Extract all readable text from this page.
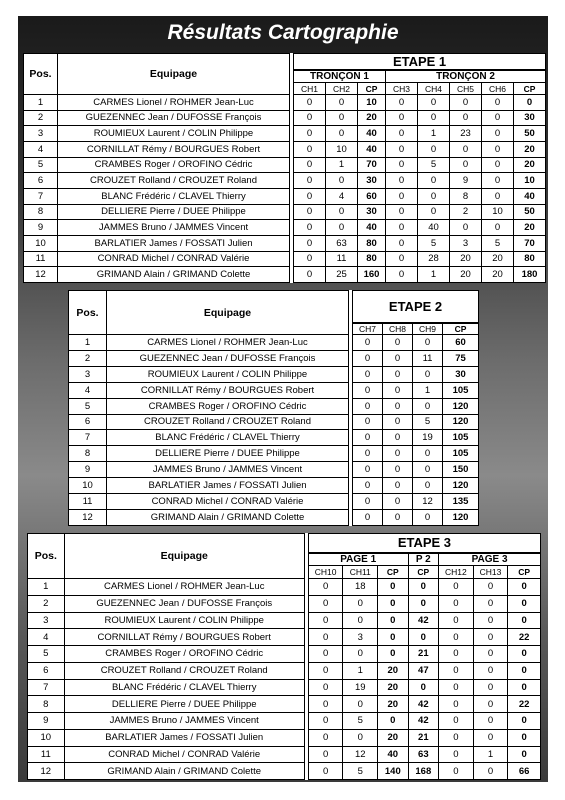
Résultats Cartographie
Pos.	Equipage		ETAPE 1							
			TRONÇON 1			TRONÇON 2				
			CH1	CH2	CP	CH3	CH4	CH5	CH6	CP
1	CARMES Lionel / ROHMER Jean-Luc		0	0	10	0	0	0	0	0
2	GUEZENNEC Jean / DUFOSSE François		0	0	20	0	0	0	0	30
3	ROUMIEUX Laurent / COLIN Philippe		0	0	40	0	1	23	0	50
4	CORNILLAT Rémy / BOURGUES Robert		0	10	40	0	0	0	0	20
5	CRAMBES Roger / OROFINO Cédric		0	1	70	0	5	0	0	20
6	CROUZET Rolland / CROUZET Roland		0	0	30	0	0	9	0	10
7	BLANC Frédéric / CLAVEL Thierry		0	4	60	0	0	8	0	40
8	DELLIERE Pierre / DUEE Philippe		0	0	30	0	0	2	10	50
9	JAMMES Bruno / JAMMES Vincent		0	0	40	0	40	0	0	20
10	BARLATIER James / FOSSATI Julien		0	63	80	0	5	3	5	70
11	CONRAD Michel / CONRAD Valérie		0	11	80	0	28	20	20	80
12	GRIMAND Alain / GRIMAND Colette		0	25	160	0	1	20	20	180
Pos.	Equipage		ETAPE 2			
			CH7	CH8	CH9	CP
1	CARMES Lionel / ROHMER Jean-Luc		0	0	0	60
2	GUEZENNEC Jean / DUFOSSE François		0	0	11	75
3	ROUMIEUX Laurent / COLIN Philippe		0	0	0	30
4	CORNILLAT Rémy / BOURGUES Robert		0	0	1	105
5	CRAMBES Roger / OROFINO Cédric		0	0	0	120
6	CROUZET Rolland / CROUZET Roland		0	0	5	120
7	BLANC Frédéric / CLAVEL Thierry		0	0	19	105
8	DELLIERE Pierre / DUEE Philippe		0	0	0	105
9	JAMMES Bruno / JAMMES Vincent		0	0	0	150
10	BARLATIER James / FOSSATI Julien		0	0	0	120
11	CONRAD Michel / CONRAD Valérie		0	0	12	135
12	GRIMAND Alain / GRIMAND Colette		0	0	0	120
Pos.	Equipage		ETAPE 3						
			PAGE 1			P 2	PAGE 3		
			CH10	CH11	CP	CP	CH12	CH13	CP
1	CARMES Lionel / ROHMER Jean-Luc		0	18	0	0	0	0	0
2	GUEZENNEC Jean / DUFOSSE François		0	0	0	0	0	0	0
3	ROUMIEUX Laurent / COLIN Philippe		0	0	0	42	0	0	0
4	CORNILLAT Rémy / BOURGUES Robert		0	3	0	0	0	0	22
5	CRAMBES Roger / OROFINO Cédric		0	0	0	21	0	0	0
6	CROUZET Rolland / CROUZET Roland		0	1	20	47	0	0	0
7	BLANC Frédéric / CLAVEL Thierry		0	19	20	0	0	0	0
8	DELLIERE Pierre / DUEE Philippe		0	0	20	42	0	0	22
9	JAMMES Bruno / JAMMES Vincent		0	5	0	42	0	0	0
10	BARLATIER James / FOSSATI Julien		0	0	20	21	0	0	0
11	CONRAD Michel / CONRAD Valérie		0	12	40	63	0	1	0
12	GRIMAND Alain / GRIMAND Colette		0	5	140	168	0	0	66
